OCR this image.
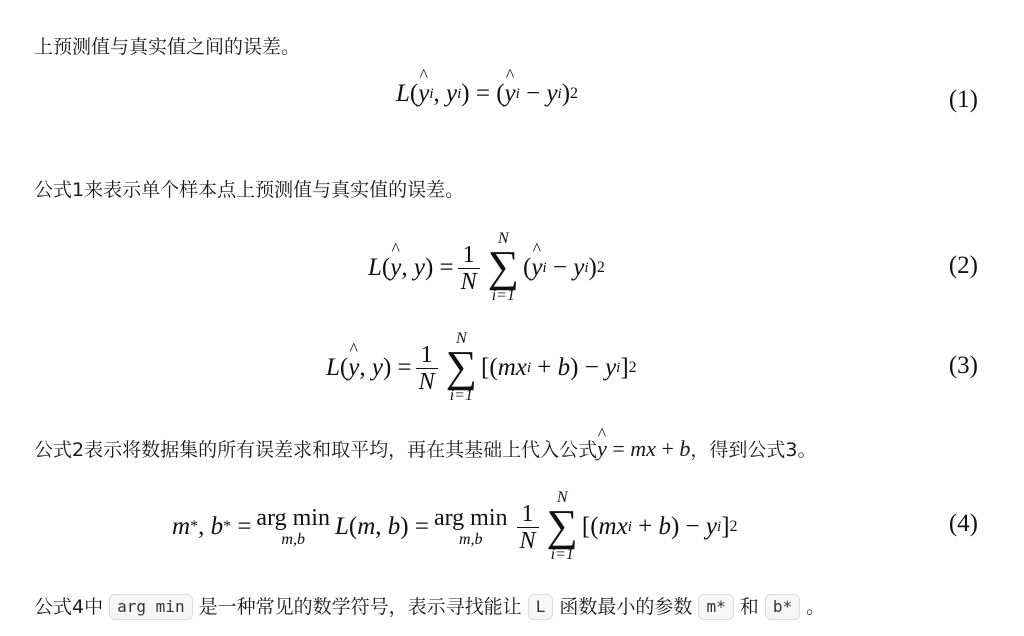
上预测值与真实值之间的误差。
L ( y ^ i , y i ) = ( y ^ i − y i ) 2	(1)
公式1来表示单个样本点上预测值与真实值的误差。
L ( y ^ , y ) = $\frac{1}{N}$
N
∑
i=1
( y ^ i − y i ) 2	(2)
L ( y ^ , y ) = $\frac{1}{N}$
N
∑
i=1
[( mx i + b ) − y i ] 2	(3)
公式2表示将数据集的所有误差求和取平均，再在其基础上代入公式y ^ = mx + b，得到公式3。
m * , b * = arg min
m,b L ( m , b ) = arg min
$m,b \frac{1}{N}$
N
∑
i=1
[( mx i + b ) − y i ] 2	(4)
公式4中 arg min 是一种常见的数学符号，表示寻找能让 L 函数最小的参数 m* 和 b* 。
